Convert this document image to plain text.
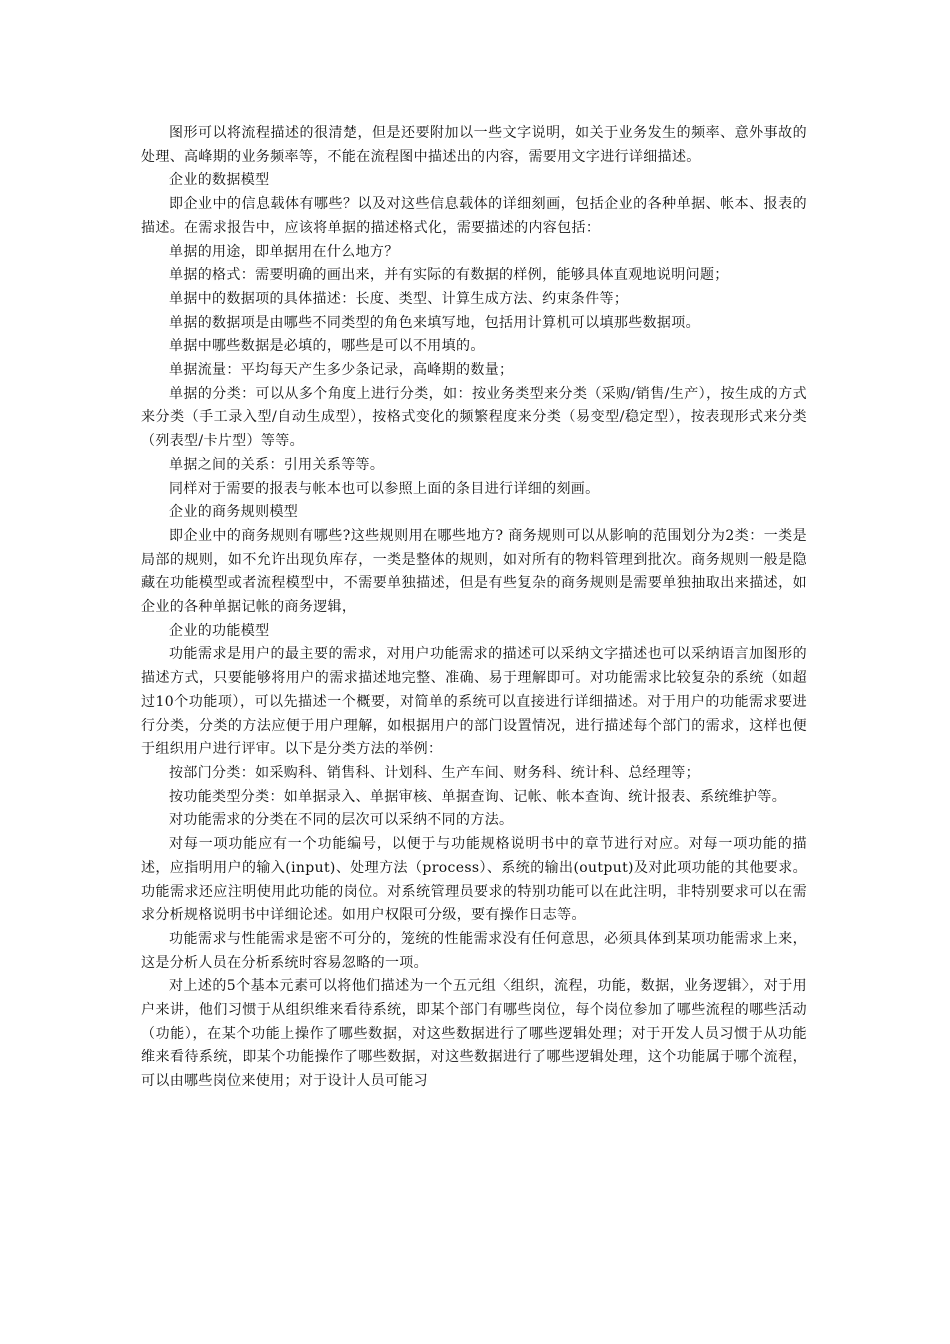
图形可以将流程描述的很清楚，但是还要附加以一些文字说明，如关于业务发生的频率、意外事故的处理、高峰期的业务频率等，不能在流程图中描述出的内容，需要用文字进行详细描述。

企业的数据模型

即企业中的信息载体有哪些？以及对这些信息载体的详细刻画，包括企业的各种单据、帐本、报表的描述。在需求报告中，应该将单据的描述格式化，需要描述的内容包括：

单据的用途，即单据用在什么地方？

单据的格式：需要明确的画出来，并有实际的有数据的样例，能够具体直观地说明问题；

单据中的数据项的具体描述：长度、类型、计算生成方法、约束条件等；

单据的数据项是由哪些不同类型的角色来填写地，包括用计算机可以填那些数据项。

单据中哪些数据是必填的，哪些是可以不用填的。

单据流量：平均每天产生多少条记录，高峰期的数量；

单据的分类：可以从多个角度上进行分类，如：按业务类型来分类（采购/销售/生产），按生成的方式来分类（手工录入型/自动生成型），按格式变化的频繁程度来分类（易变型/稳定型），按表现形式来分类（列表型/卡片型）等等。

单据之间的关系：引用关系等等。

同样对于需要的报表与帐本也可以参照上面的条目进行详细的刻画。

企业的商务规则模型

即企业中的商务规则有哪些?这些规则用在哪些地方? 商务规则可以从影响的范围划分为2类：一类是局部的规则，如不允许出现负库存，一类是整体的规则，如对所有的物料管理到批次。商务规则一般是隐藏在功能模型或者流程模型中，不需要单独描述，但是有些复杂的商务规则是需要单独抽取出来描述，如企业的各种单据记帐的商务逻辑，

企业的功能模型

功能需求是用户的最主要的需求，对用户功能需求的描述可以采纳文字描述也可以采纳语言加图形的描述方式，只要能够将用户的需求描述地完整、准确、易于理解即可。对功能需求比较复杂的系统（如超过10个功能项），可以先描述一个概要，对简单的系统可以直接进行详细描述。对于用户的功能需求要进行分类，分类的方法应便于用户理解，如根据用户的部门设置情况，进行描述每个部门的需求，这样也便于组织用户进行评审。以下是分类方法的举例：

按部门分类：如采购科、销售科、计划科、生产车间、财务科、统计科、总经理等；

按功能类型分类：如单据录入、单据审核、单据查询、记帐、帐本查询、统计报表、系统维护等。

对功能需求的分类在不同的层次可以采纳不同的方法。

对每一项功能应有一个功能编号，以便于与功能规格说明书中的章节进行对应。对每一项功能的描述，应指明用户的输入(input)、处理方法（process）、系统的输出(output)及对此项功能的其他要求。功能需求还应注明使用此功能的岗位。对系统管理员要求的特别功能可以在此注明，非特别要求可以在需求分析规格说明书中详细论述。如用户权限可分级，要有操作日志等。

功能需求与性能需求是密不可分的，笼统的性能需求没有任何意思，必须具体到某项功能需求上来，这是分析人员在分析系统时容易忽略的一项。

对上述的5个基本元素可以将他们描述为一个五元组〈组织，流程，功能，数据，业务逻辑〉，对于用户来讲，他们习惯于从组织维来看待系统，即某个部门有哪些岗位，每个岗位参加了哪些流程的哪些活动（功能），在某个功能上操作了哪些数据，对这些数据进行了哪些逻辑处理；对于开发人员习惯于从功能维来看待系统，即某个功能操作了哪些数据，对这些数据进行了哪些逻辑处理，这个功能属于哪个流程，可以由哪些岗位来使用；对于设计人员可能习
